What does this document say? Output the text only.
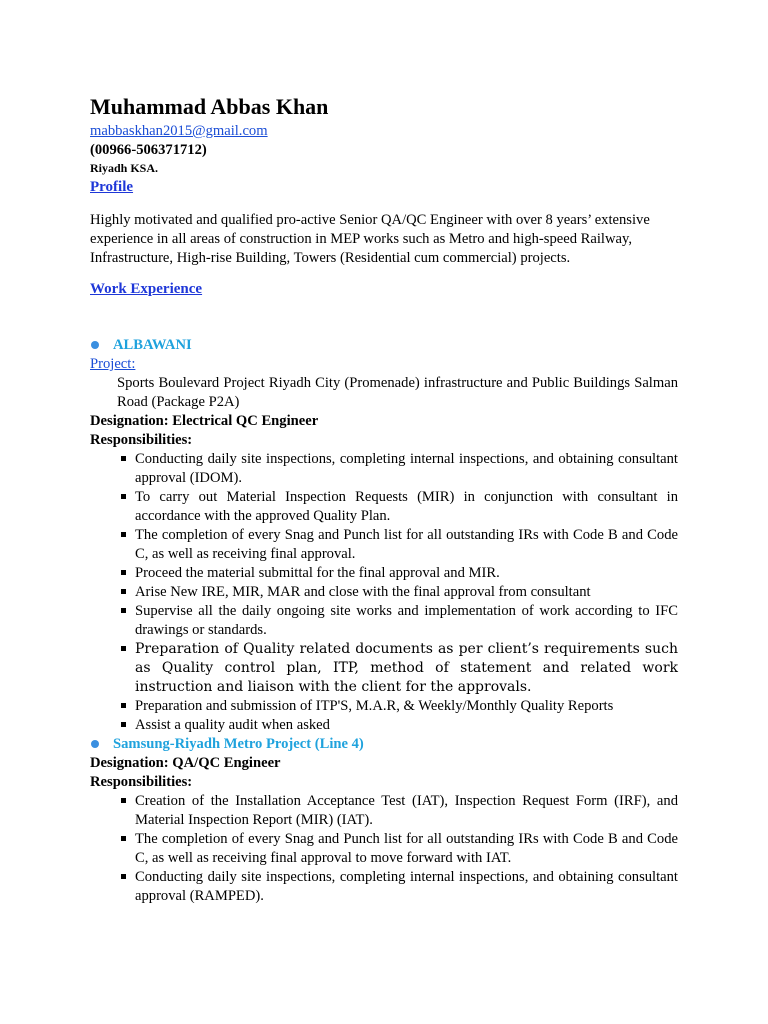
Muhammad Abbas Khan
mabbaskhan2015@gmail.com
(00966-506371712)
Riyadh KSA.
Profile
Highly motivated and qualified pro-active Senior QA/QC Engineer with over 8 years’ extensive experience in all areas of construction in MEP works such as Metro and high-speed Railway, Infrastructure, High-rise Building, Towers (Residential cum commercial) projects.
Work Experience
ALBAWANI
Project:
Sports Boulevard Project Riyadh City (Promenade) infrastructure and Public Buildings Salman Road (Package P2A)
Designation: Electrical QC Engineer
Responsibilities:
Conducting daily site inspections, completing internal inspections, and obtaining consultant approval (IDOM).
To carry out Material Inspection Requests (MIR) in conjunction with consultant in accordance with the approved Quality Plan.
The completion of every Snag and Punch list for all outstanding IRs with Code B and Code C, as well as receiving final approval.
Proceed the material submittal for the final approval and MIR.
Arise New IRE, MIR, MAR and close with the final approval from consultant
Supervise all the daily ongoing site works and implementation of work according to IFC drawings or standards.
Preparation of Quality related documents as per client’s requirements such as Quality control plan, ITP, method of statement and related work instruction and liaison with the client for the approvals.
Preparation and submission of ITP'S, M.A.R, & Weekly/Monthly Quality Reports
Assist a quality audit when asked
Samsung-Riyadh Metro Project (Line 4)
Designation: QA/QC Engineer
Responsibilities:
Creation of the Installation Acceptance Test (IAT), Inspection Request Form (IRF), and Material Inspection Report (MIR) (IAT).
The completion of every Snag and Punch list for all outstanding IRs with Code B and Code C, as well as receiving final approval to move forward with IAT.
Conducting daily site inspections, completing internal inspections, and obtaining consultant approval (RAMPED).
